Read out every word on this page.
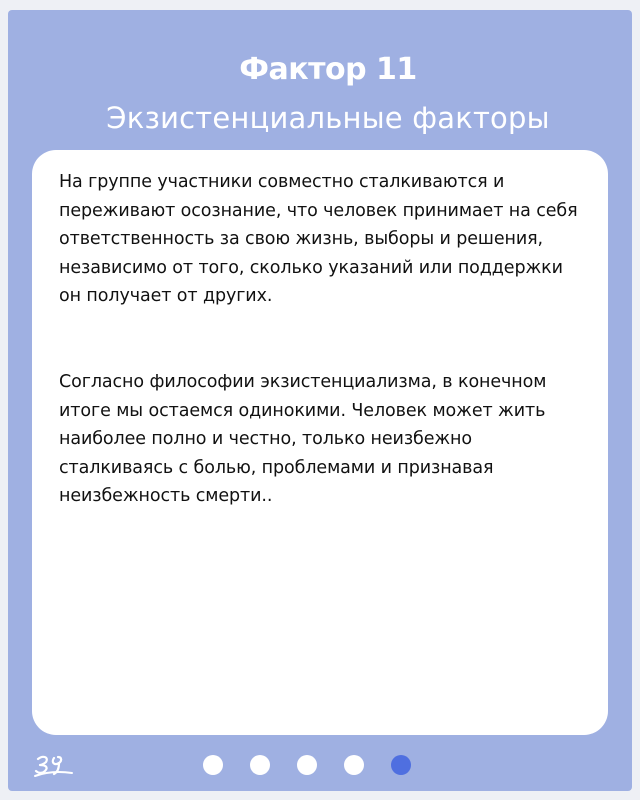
Фактор 11
Экзистенциальные факторы

На группе участники совместно сталкиваются и переживают осознание, что человек принимает на себя ответственность за свою жизнь, выборы и решения, независимо от того, сколько указаний или поддержки он получает от других.

Согласно философии экзистенциализма, в конечном итоге мы остаемся одинокими. Человек может жить наиболее полно и честно, только неизбежно сталкиваясь с болью, проблемами и признавая неизбежность смерти..
